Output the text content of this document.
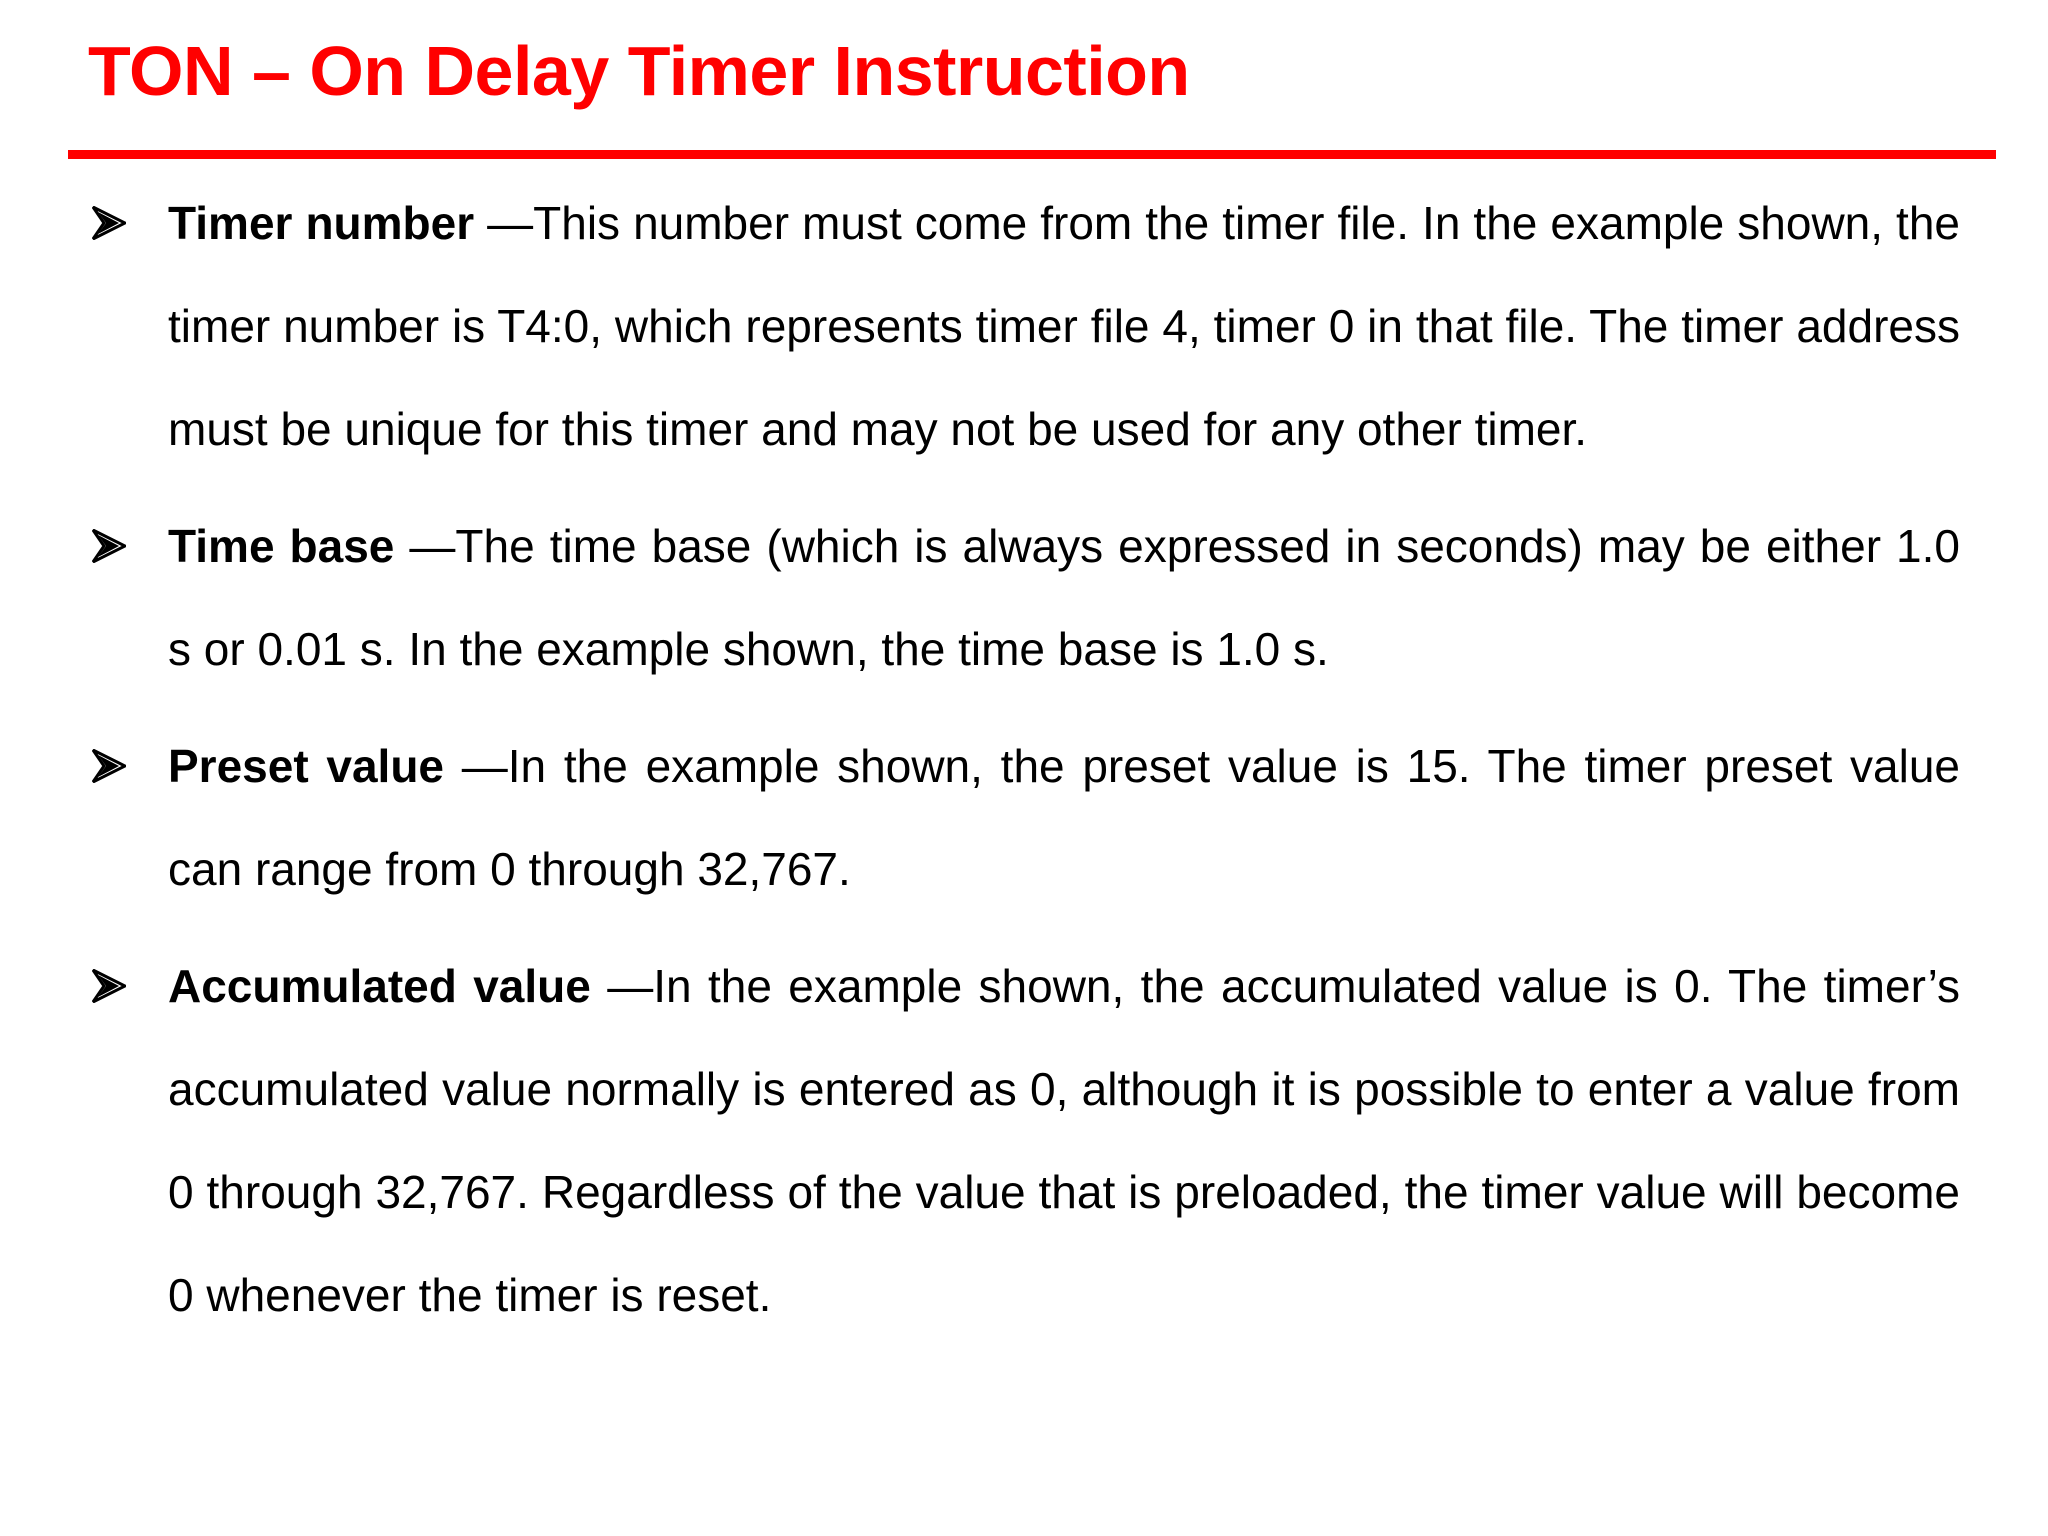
TON – On Delay Timer Instruction
Timer number —This number must come from the timer file. In the example shown, the timer number is T4:0, which represents timer file 4, timer 0 in that file. The timer address must be unique for this timer and may not be used for any other timer.
Time base —The time base (which is always expressed in seconds) may be either 1.0 s or 0.01 s. In the example shown, the time base is 1.0 s.
Preset value —In the example shown, the preset value is 15. The timer preset value can range from 0 through 32,767.
Accumulated value —In the example shown, the accumulated value is 0. The timer’s accumulated value normally is entered as 0, although it is possible to enter a value from 0 through 32,767. Regardless of the value that is preloaded, the timer value will become 0 whenever the timer is reset.
